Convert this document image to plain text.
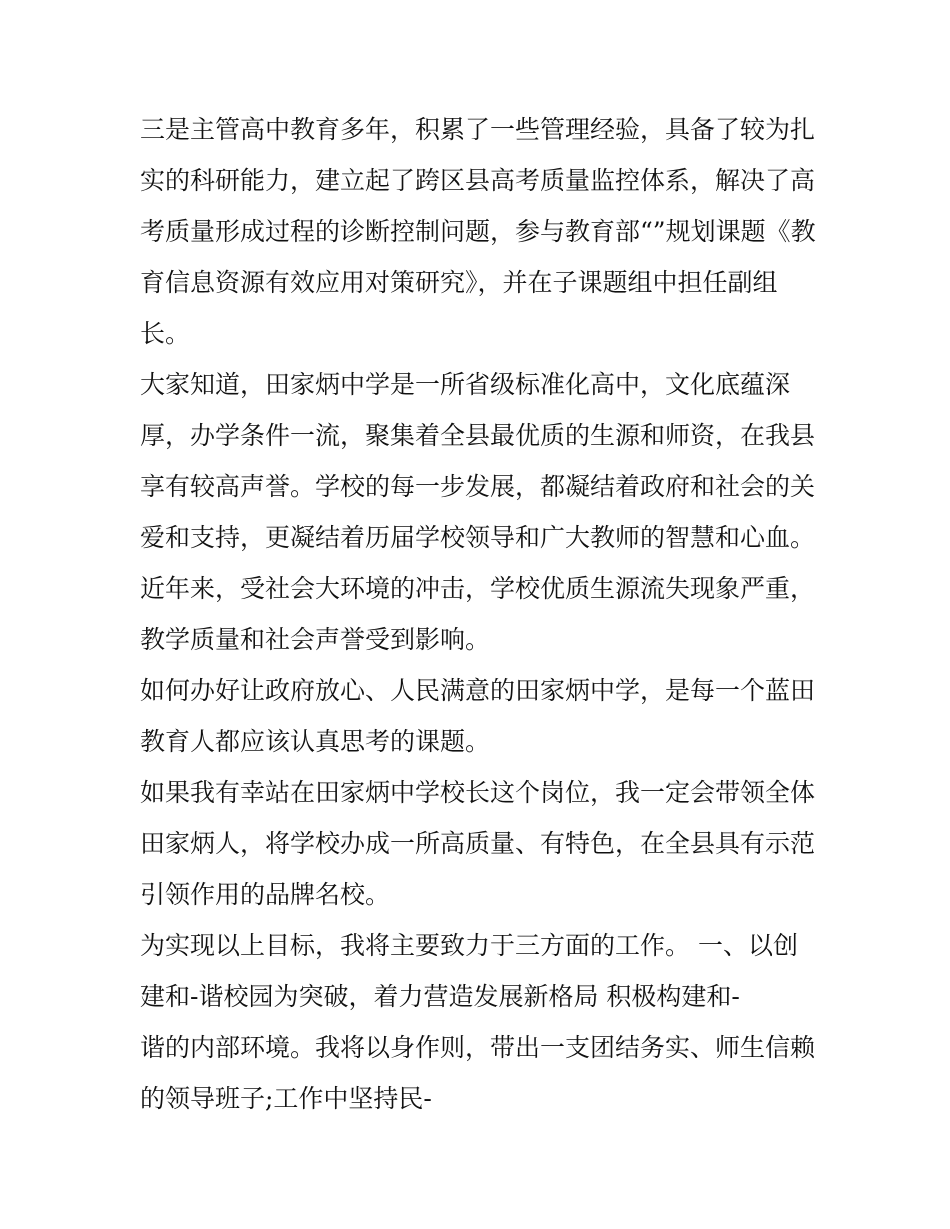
三是主管高中教育多年，积累了一些管理经验，具备了较为扎
实的科研能力，建立起了跨区县高考质量监控体系，解决了高
考质量形成过程的诊断控制问题，参与教育部“”规划课题《教
育信息资源有效应用对策研究》，并在子课题组中担任副组
长。
大家知道，田家炳中学是一所省级标准化高中，文化底蕴深
厚，办学条件一流，聚集着全县最优质的生源和师资，在我县
享有较高声誉。学校的每一步发展，都凝结着政府和社会的关
爱和支持，更凝结着历届学校领导和广大教师的智慧和心血。
近年来，受社会大环境的冲击，学校优质生源流失现象严重，
教学质量和社会声誉受到影响。
如何办好让政府放心、人民满意的田家炳中学，是每一个蓝田
教育人都应该认真思考的课题。
如果我有幸站在田家炳中学校长这个岗位，我一定会带领全体
田家炳人，将学校办成一所高质量、有特色，在全县具有示范
引领作用的品牌名校。
为实现以上目标，我将主要致力于三方面的工作。 一、以创
建和-谐校园为突破，着力营造发展新格局 积极构建和-
谐的内部环境。我将以身作则，带出一支团结务实、师生信赖
的领导班子;工作中坚持民-
